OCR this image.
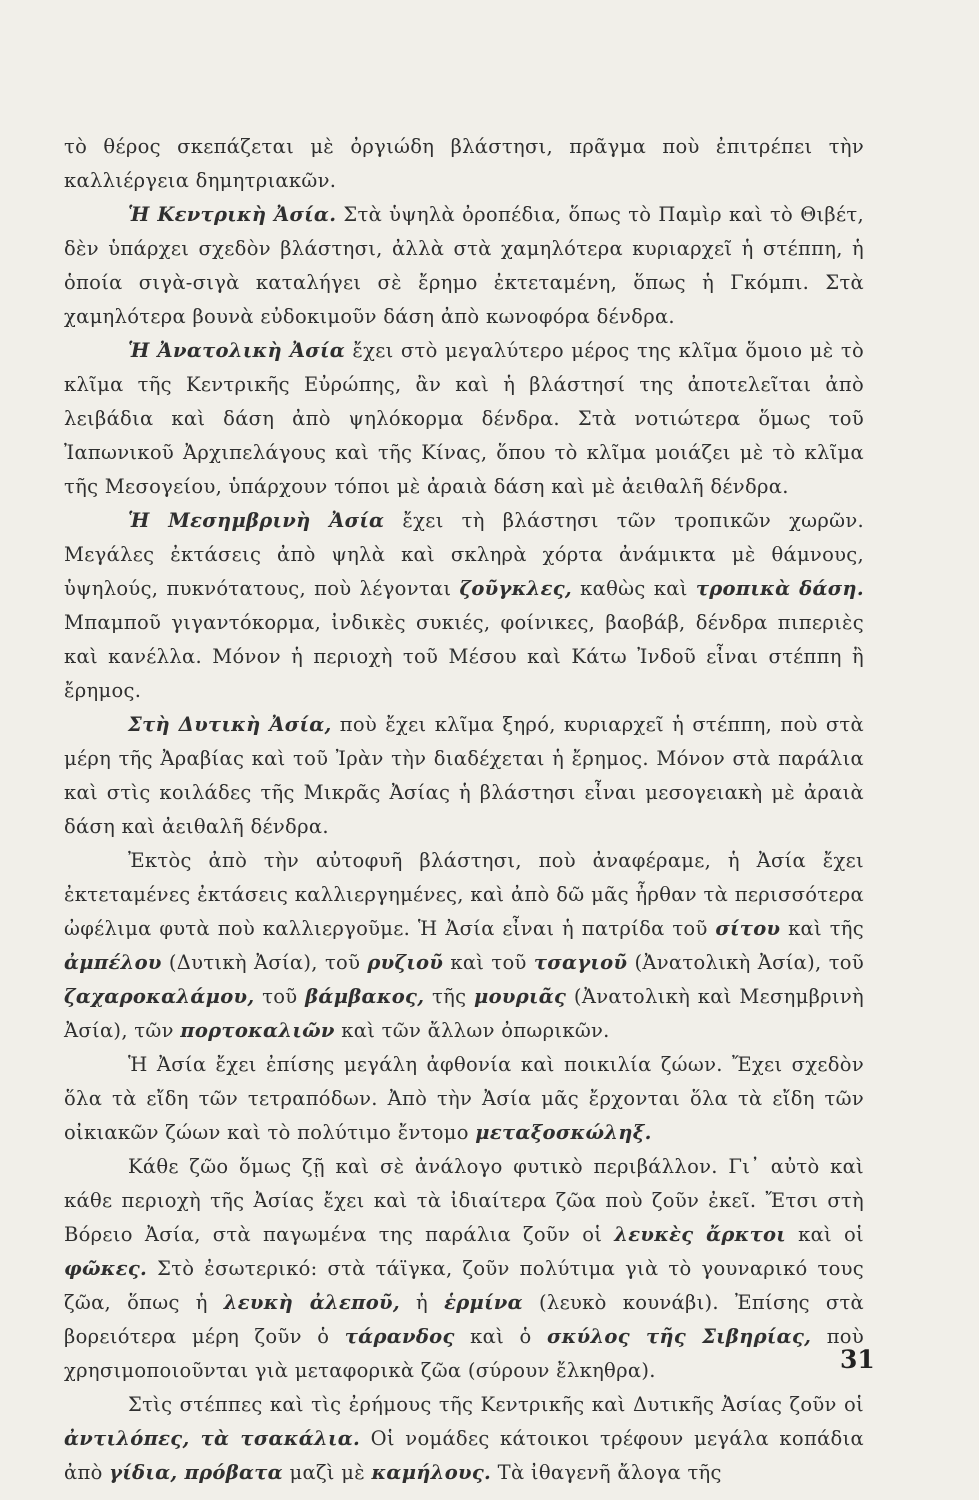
τὸ θέρος σκεπάζεται μὲ ὀργιώδη βλάστησι, πρᾶγμα ποὺ ἐπιτρέπει τὴν καλλιέργεια δημητριακῶν.

Ἡ Κεντρικὴ Ἀσία. Στὰ ὑψηλὰ ὀροπέδια, ὅπως τὸ Παμὶρ καὶ τὸ Θιβέτ, δὲν ὑπάρχει σχεδὸν βλάστησι, ἀλλὰ στὰ χαμηλότερα κυριαρχεῖ ἡ στέππη, ἡ ὁποία σιγὰ-σιγὰ καταλήγει σὲ ἔρημο ἐκτεταμένη, ὅπως ἡ Γκόμπι. Στὰ χαμηλότερα βουνὰ εὐδοκιμοῦν δάση ἀπὸ κωνοφόρα δένδρα.

Ἡ Ἀνατολικὴ Ἀσία ἔχει στὸ μεγαλύτερο μέρος της κλῖμα ὅμοιο μὲ τὸ κλῖμα τῆς Κεντρικῆς Εὐρώπης, ἂν καὶ ἡ βλάστησί της ἀποτελεῖται ἀπὸ λειβάδια καὶ δάση ἀπὸ ψηλόκορμα δένδρα. Στὰ νοτιώτερα ὅμως τοῦ Ἰαπωνικοῦ Ἀρχιπελάγους καὶ τῆς Κίνας, ὅπου τὸ κλῖμα μοιάζει μὲ τὸ κλῖμα τῆς Μεσογείου, ὑπάρχουν τόποι μὲ ἀραιὰ δάση καὶ μὲ ἀειθαλῆ δένδρα.

Ἡ Μεσημβρινὴ Ἀσία ἔχει τὴ βλάστησι τῶν τροπικῶν χωρῶν. Μεγάλες ἐκτάσεις ἀπὸ ψηλὰ καὶ σκληρὰ χόρτα ἀνάμικτα μὲ θάμνους, ὑψηλούς, πυκνότατους, ποὺ λέγονται ζοῦγκλες, καθὼς καὶ τροπικὰ δάση. Μπαμποῦ γιγαντόκορμα, ἰνδικὲς συκιές, φοίνικες, βαοβάβ, δένδρα πιπεριὲς καὶ κανέλλα. Μόνον ἡ περιοχὴ τοῦ Μέσου καὶ Κάτω Ἰνδοῦ εἶναι στέππη ἢ ἔρημος.

Στὴ Δυτικὴ Ἀσία, ποὺ ἔχει κλῖμα ξηρό, κυριαρχεῖ ἡ στέππη, ποὺ στὰ μέρη τῆς Ἀραβίας καὶ τοῦ Ἰρὰν τὴν διαδέχεται ἡ ἔρημος. Μόνον στὰ παράλια καὶ στὶς κοιλάδες τῆς Μικρᾶς Ἀσίας ἡ βλάστησι εἶναι μεσογειακὴ μὲ ἀραιὰ δάση καὶ ἀειθαλῆ δένδρα.

Ἐκτὸς ἀπὸ τὴν αὐτοφυῆ βλάστησι, ποὺ ἀναφέραμε, ἡ Ἀσία ἔχει ἐκτεταμένες ἐκτάσεις καλλιεργημένες, καὶ ἀπὸ δῶ μᾶς ἦρθαν τὰ περισσότερα ὠφέλιμα φυτὰ ποὺ καλλιεργοῦμε. Ἡ Ἀσία εἶναι ἡ πατρίδα τοῦ σίτου καὶ τῆς ἀμπέλου (Δυτικὴ Ἀσία), τοῦ ρυζιοῦ καὶ τοῦ τσαγιοῦ (Ἀνατολικὴ Ἀσία), τοῦ ζαχαροκαλάμου, τοῦ βάμβακος, τῆς μουριᾶς (Ἀνατολικὴ καὶ Μεσημβρινὴ Ἀσία), τῶν πορτοκαλιῶν καὶ τῶν ἄλλων ὀπωρικῶν.

Ἡ Ἀσία ἔχει ἐπίσης μεγάλη ἀφθονία καὶ ποικιλία ζώων. Ἔχει σχεδὸν ὅλα τὰ εἴδη τῶν τετραπόδων. Ἀπὸ τὴν Ἀσία μᾶς ἔρχονται ὅλα τὰ εἴδη τῶν οἰκιακῶν ζώων καὶ τὸ πολύτιμο ἔντομο μεταξοσκώληξ.

Κάθε ζῶο ὅμως ζῇ καὶ σὲ ἀνάλογο φυτικὸ περιβάλλον. Γι᾿ αὐτὸ καὶ κάθε περιοχὴ τῆς Ἀσίας ἔχει καὶ τὰ ἰδιαίτερα ζῶα ποὺ ζοῦν ἐκεῖ. Ἔτσι στὴ Βόρειο Ἀσία, στὰ παγωμένα της παράλια ζοῦν οἱ λευκὲς ἄρκτοι καὶ οἱ φῶκες. Στὸ ἐσωτερικό: στὰ τάϊγκα, ζοῦν πολύτιμα γιὰ τὸ γουναρικό τους ζῶα, ὅπως ἡ λευκὴ ἀλεποῦ, ἡ ἑρμίνα (λευκὸ κουνάβι). Ἐπίσης στὰ βορειότερα μέρη ζοῦν ὁ τάρανδος καὶ ὁ σκύλος τῆς Σιβηρίας, ποὺ χρησιμοποιοῦνται γιὰ μεταφορικὰ ζῶα (σύρουν ἔλκηθρα).

Στὶς στέππες καὶ τὶς ἐρήμους τῆς Κεντρικῆς καὶ Δυτικῆς Ἀσίας ζοῦν οἱ ἀντιλόπες, τὰ τσακάλια. Οἱ νομάδες κάτοικοι τρέφουν μεγάλα κοπάδια ἀπὸ γίδια, πρόβατα μαζὶ μὲ καμήλους. Τὰ ἰθαγενῆ ἄλογα τῆς

31
